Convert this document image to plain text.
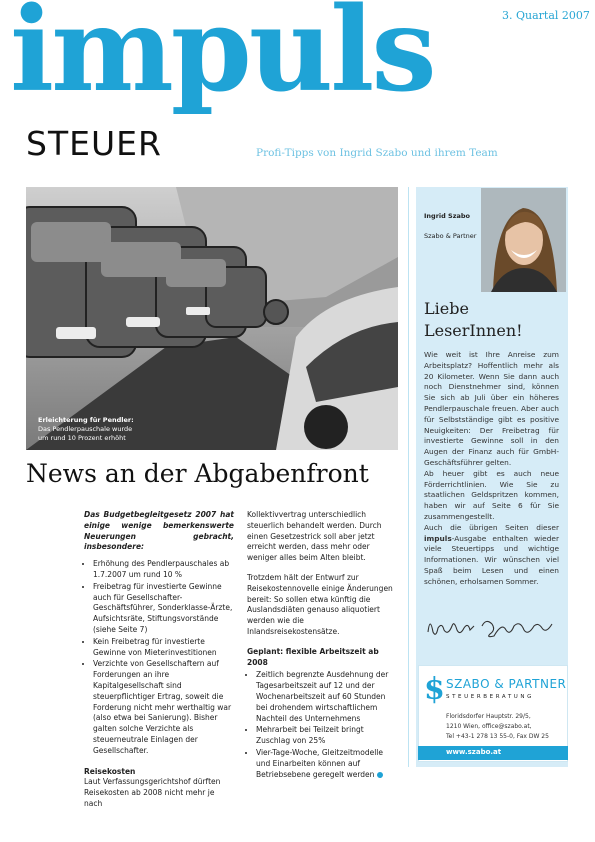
3. Quartal 2007
impuls
STEUER	Profi-Tipps von Ingrid Szabo und ihrem Team
Erleichterung für Pendler:
Das Pendlerpauschale wurde
um rund 10 Prozent erhöht
News an der Abgabenfront

Das Budgetbegleitgesetz 2007 hat einige wenige bemerkenswerte Neuerungen gebracht, insbesondere:

• Erhöhung des Pendlerpauschales ab 1.7.2007 um rund 10 %
• Freibetrag für investierte Gewinne auch für Gesellschafter-Geschäftsführer, Sonderklasse-Ärzte, Aufsichtsräte, Stiftungsvorstände (siehe Seite 7)
• Kein Freibetrag für investierte Gewinne von Mieterinvestitionen
• Verzichte von Gesellschaftern auf Forderungen an ihre Kapitalgesellschaft sind steuerpflichtiger Ertrag, soweit die Forderung nicht mehr werthaltig war (also etwa bei Sanierung). Bisher galten solche Verzichte als steuerneutrale Einlagen der Gesellschafter.
Reisekosten

Laut Verfassungsgerichtshof dürften Reisekosten ab 2008 nicht mehr je nach

Kollektivvertrag unterschiedlich steuerlich behandelt werden. Durch einen Gesetzestrick soll aber jetzt erreicht werden, dass mehr oder weniger alles beim Alten bleibt.

Trotzdem hält der Entwurf zur Reisekostennovelle einige Änderungen bereit: So sollen etwa künftig die Auslandsdiäten genauso aliquotiert werden wie die Inlandsreisekostensätze.

Geplant: flexible Arbeitszeit ab 2008
• Zeitlich begrenzte Ausdehnung der Tagesarbeitszeit auf 12 und der Wochenarbeitszeit auf 60 Stunden bei drohendem wirtschaftlichem Nachteil des Unternehmens
• Mehrarbeit bei Teilzeit bringt Zuschlag von 25%
• Vier-Tage-Woche, Gleitzeitmodelle und Einarbeiten können auf Betriebsebene geregelt werden
Ingrid Szabo
Szabo & Partner
Liebe
LeserInnen!

Wie weit ist Ihre Anreise zum Arbeitsplatz? Hoffentlich mehr als 20 Kilometer. Wenn Sie dann auch noch Dienstnehmer sind, können Sie sich ab Juli über ein höheres Pendlerpauschale freuen. Aber auch für Selbstständige gibt es positive Neuigkeiten: Der Freibetrag für investierte Gewinne soll in den Augen der Finanz auch für GmbH-Geschäftsführer gelten.

Ab heuer gibt es auch neue Förderrichtlinien. Wie Sie zu staatlichen Geldspritzen kommen, haben wir auf Seite 6 für Sie zusammengestellt.

Auch die übrigen Seiten dieser impuls-Ausgabe enthalten wieder viele Steuertipps und wichtige Informationen. Wir wünschen viel Spaß beim Lesen und einen schönen, erholsamen Sommer.

$ SZABO & PARTNER
STEUERBERATUNG
Floridsdorfer Hauptstr. 29/5,
1210 Wien, office@szabo.at,
Tel +43-1 278 13 55-0, Fax DW 25
www.szabo.at
